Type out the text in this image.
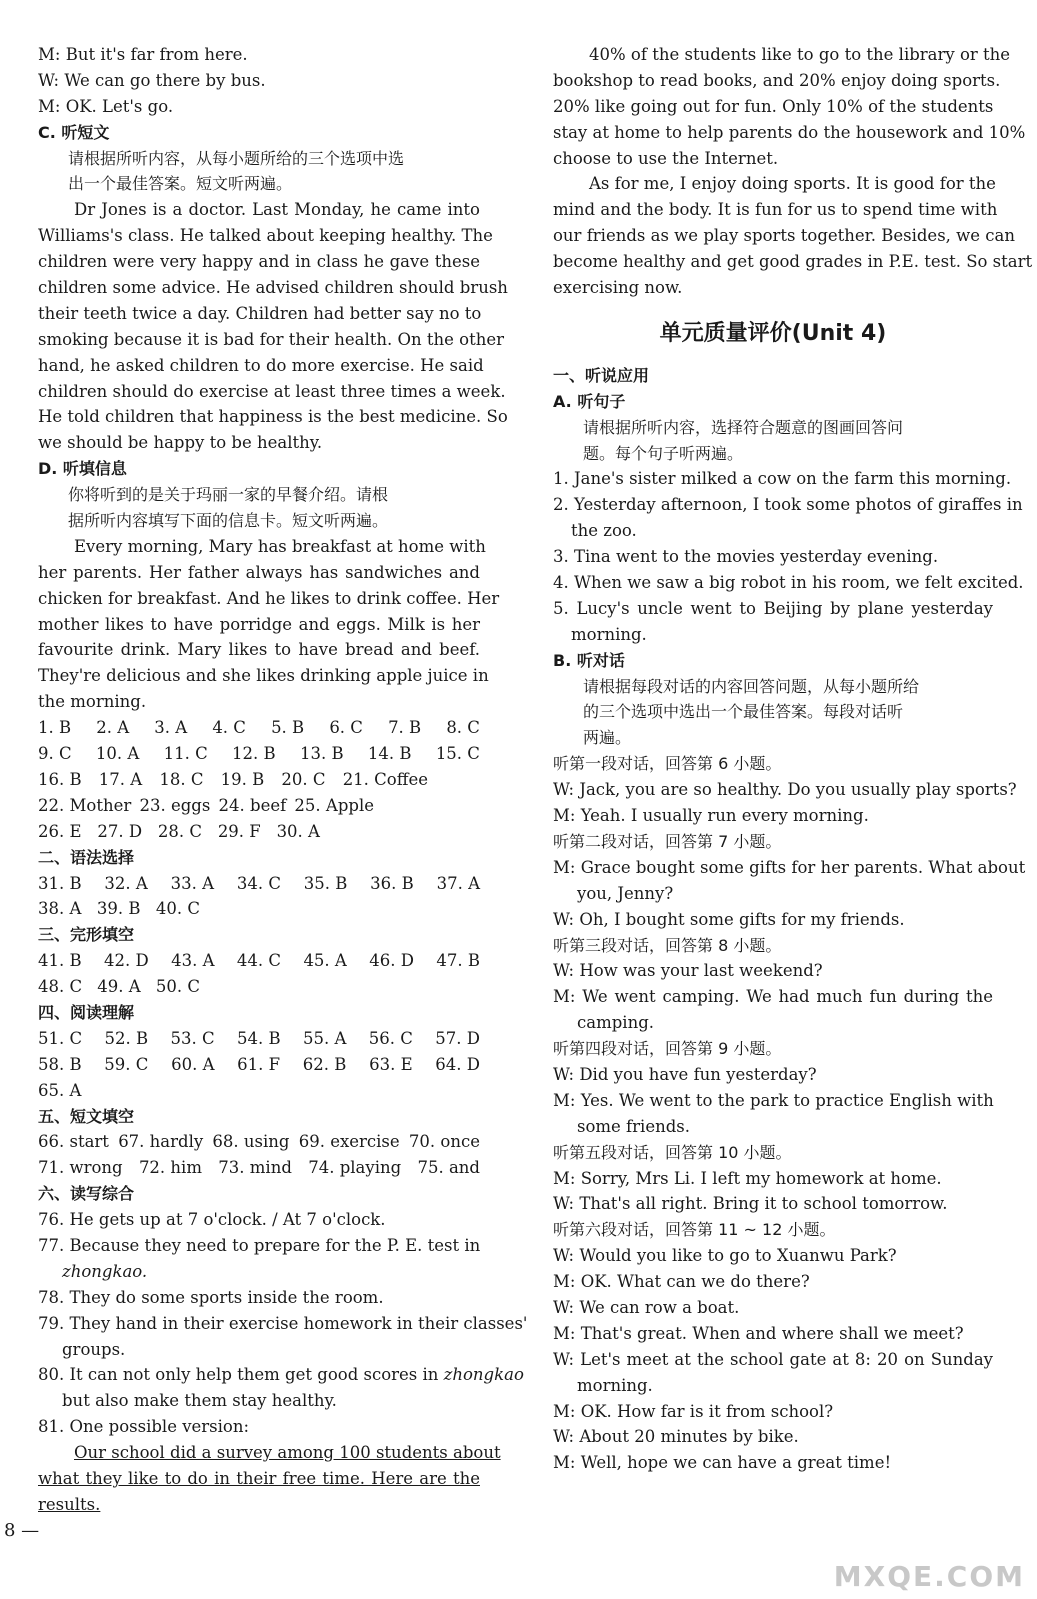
M: But it's far from here.
W: We can go there by bus.
M: OK. Let's go.
C. 听短文
请根据所听内容，从每小题所给的三个选项中选
出一个最佳答案。短文听两遍。
Dr Jones is a doctor. Last Monday, he came into
Williams's class. He talked about keeping healthy. The
children were very happy and in class he gave these
children some advice. He advised children should brush
their teeth twice a day. Children had better say no to
smoking because it is bad for their health. On the other
hand, he asked children to do more exercise. He said
children should do exercise at least three times a week.
He told children that happiness is the best medicine. So
we should be happy to be healthy.
D. 听填信息
你将听到的是关于玛丽一家的早餐介绍。请根
据所听内容填写下面的信息卡。短文听两遍。
Every morning, Mary has breakfast at home with
her parents. Her father always has sandwiches and
chicken for breakfast. And he likes to drink coffee. Her
mother likes to have porridge and eggs. Milk is her
favourite drink. Mary likes to have bread and beef.
They're delicious and she likes drinking apple juice in
the morning.
1. B 2. A 3. A 4. C 5. B 6. C 7. B 8. C
9. C 10. A 11. C 12. B 13. B 14. B 15. C
16. B 17. A 18. C 19. B 20. C 21. Coffee
22. Mother 23. eggs 24. beef 25. Apple
26. E 27. D 28. C 29. F 30. A
二、语法选择
31. B 32. A 33. A 34. C 35. B 36. B 37. A
38. A 39. B 40. C
三、完形填空
41. B 42. D 43. A 44. C 45. A 46. D 47. B
48. C 49. A 50. C
四、阅读理解
51. C 52. B 53. C 54. B 55. A 56. C 57. D
58. B 59. C 60. A 61. F 62. B 63. E 64. D
65. A
五、短文填空
66. start 67. hardly 68. using 69. exercise 70. once
71. wrong 72. him 73. mind 74. playing 75. and
六、读写综合
76. He gets up at 7 o'clock. / At 7 o'clock.
77. Because they need to prepare for the P. E. test in
zhongkao.
78. They do some sports inside the room.
79. They hand in their exercise homework in their classes'
groups.
80. It can not only help them get good scores in zhongkao
but also make them stay healthy.
81. One possible version:
Our school did a survey among 100 students about
what they like to do in their free time. Here are the
results.
40% of the students like to go to the library or the
bookshop to read books, and 20% enjoy doing sports.
20% like going out for fun. Only 10% of the students
stay at home to help parents do the housework and 10%
choose to use the Internet.
As for me, I enjoy doing sports. It is good for the
mind and the body. It is fun for us to spend time with
our friends as we play sports together. Besides, we can
become healthy and get good grades in P.E. test. So start
exercising now.
单元质量评价(Unit 4)
一、听说应用
A. 听句子
请根据所听内容，选择符合题意的图画回答问
题。每个句子听两遍。
1. Jane's sister milked a cow on the farm this morning.
2. Yesterday afternoon, I took some photos of giraffes in
the zoo.
3. Tina went to the movies yesterday evening.
4. When we saw a big robot in his room, we felt excited.
5. Lucy's uncle went to Beijing by plane yesterday
morning.
B. 听对话
请根据每段对话的内容回答问题，从每小题所给
的三个选项中选出一个最佳答案。每段对话听
两遍。
听第一段对话，回答第 6 小题。
W: Jack, you are so healthy. Do you usually play sports?
M: Yeah. I usually run every morning.
听第二段对话，回答第 7 小题。
M: Grace bought some gifts for her parents. What about
you, Jenny?
W: Oh, I bought some gifts for my friends.
听第三段对话，回答第 8 小题。
W: How was your last weekend?
M: We went camping. We had much fun during the
camping.
听第四段对话，回答第 9 小题。
W: Did you have fun yesterday?
M: Yes. We went to the park to practice English with
some friends.
听第五段对话，回答第 10 小题。
M: Sorry, Mrs Li. I left my homework at home.
W: That's all right. Bring it to school tomorrow.
听第六段对话，回答第 11 ~ 12 小题。
W: Would you like to go to Xuanwu Park?
M: OK. What can we do there?
W: We can row a boat.
M: That's great. When and where shall we meet?
W: Let's meet at the school gate at 8: 20 on Sunday
morning.
M: OK. How far is it from school?
W: About 20 minutes by bike.
M: Well, hope we can have a great time!
8 —
MXQE.COM
